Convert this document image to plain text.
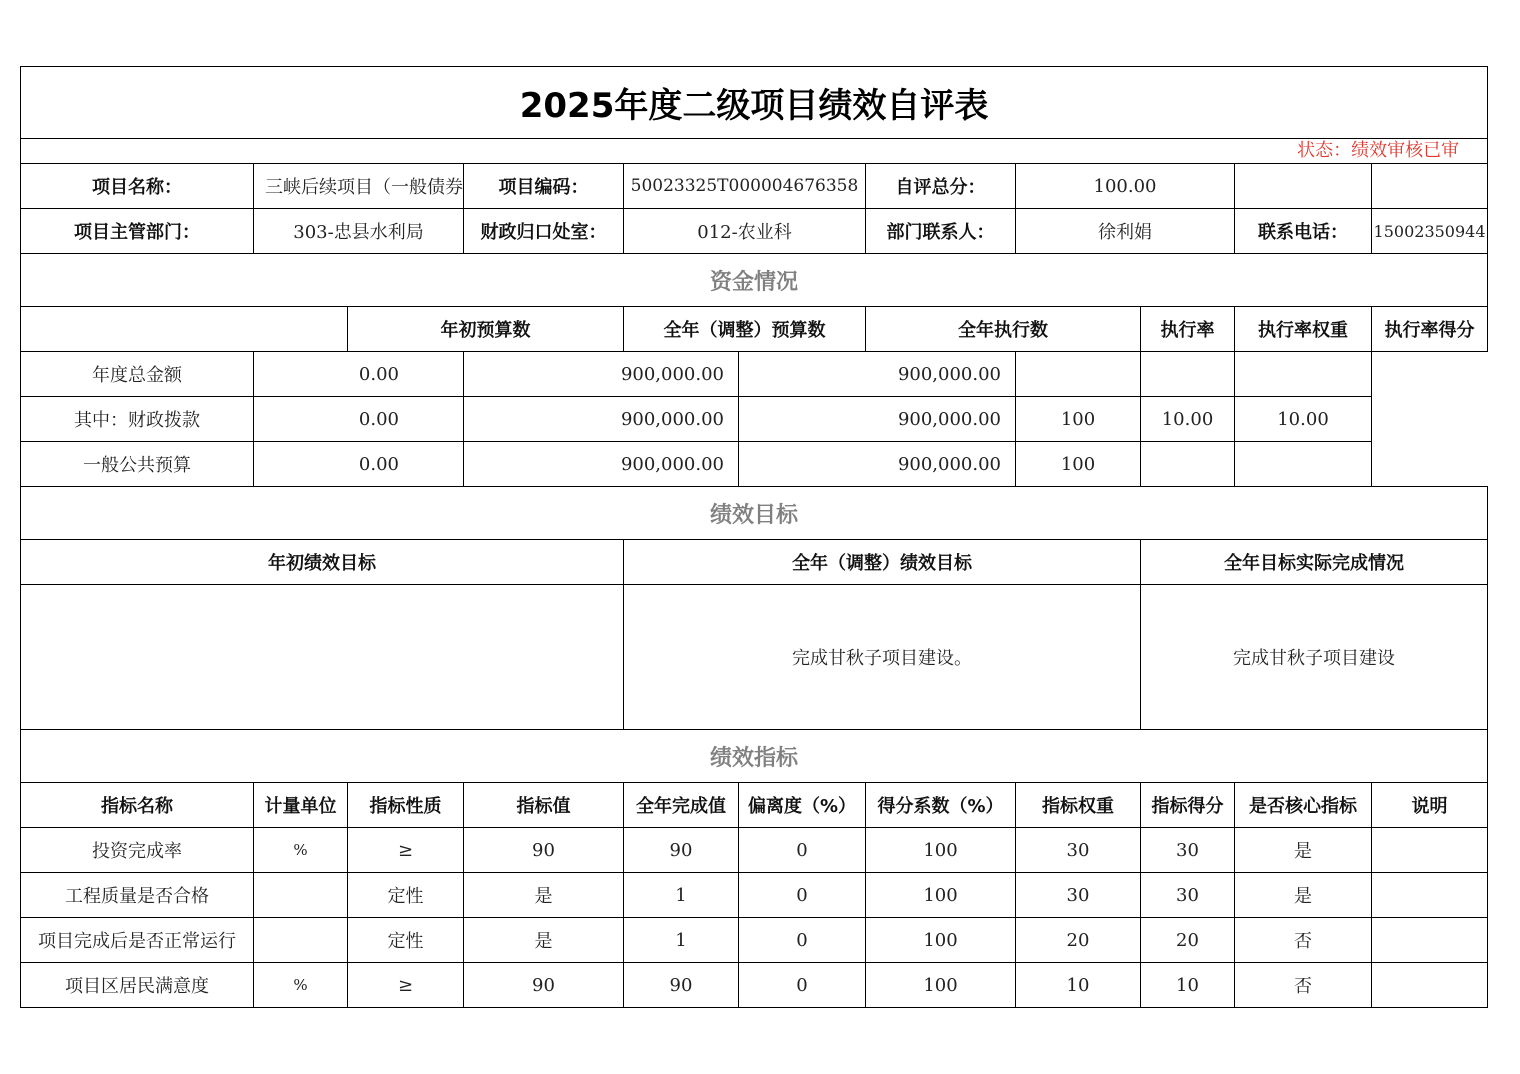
2025年度二级项目绩效自评表										
状态：绩效审核已审										
项目名称：	三峡后续项目（一般债券		项目编码：	50023325T000004676358		自评总分：	100.00			
项目主管部门：	303-忠县水利局		财政归口处室：	012-农业科		部门联系人：	徐利娟		联系电话：	15002350944
资金情况										
		年初预算数		全年（调整）预算数		全年执行数		执行率	执行率权重	执行率得分
年度总金额	0.00		900,000.00		900,000.00					
其中：财政拨款	0.00		900,000.00		900,000.00		100	10.00	10.00	
一般公共预算	0.00		900,000.00		900,000.00		100			
绩效目标										
年初绩效目标				全年（调整）绩效目标				全年目标实际完成情况		
				完成甘秋子项目建设。				完成甘秋子项目建设		
绩效指标										
指标名称	计量单位	指标性质	指标值	全年完成值	偏离度（%）	得分系数（%）	指标权重	指标得分	是否核心指标	说明
投资完成率	%	≥	90	90	0	100	30	30	是	
工程质量是否合格		定性	是	1	0	100	30	30	是	
项目完成后是否正常运行		定性	是	1	0	100	20	20	否	
项目区居民满意度	%	≥	90	90	0	100	10	10	否	
